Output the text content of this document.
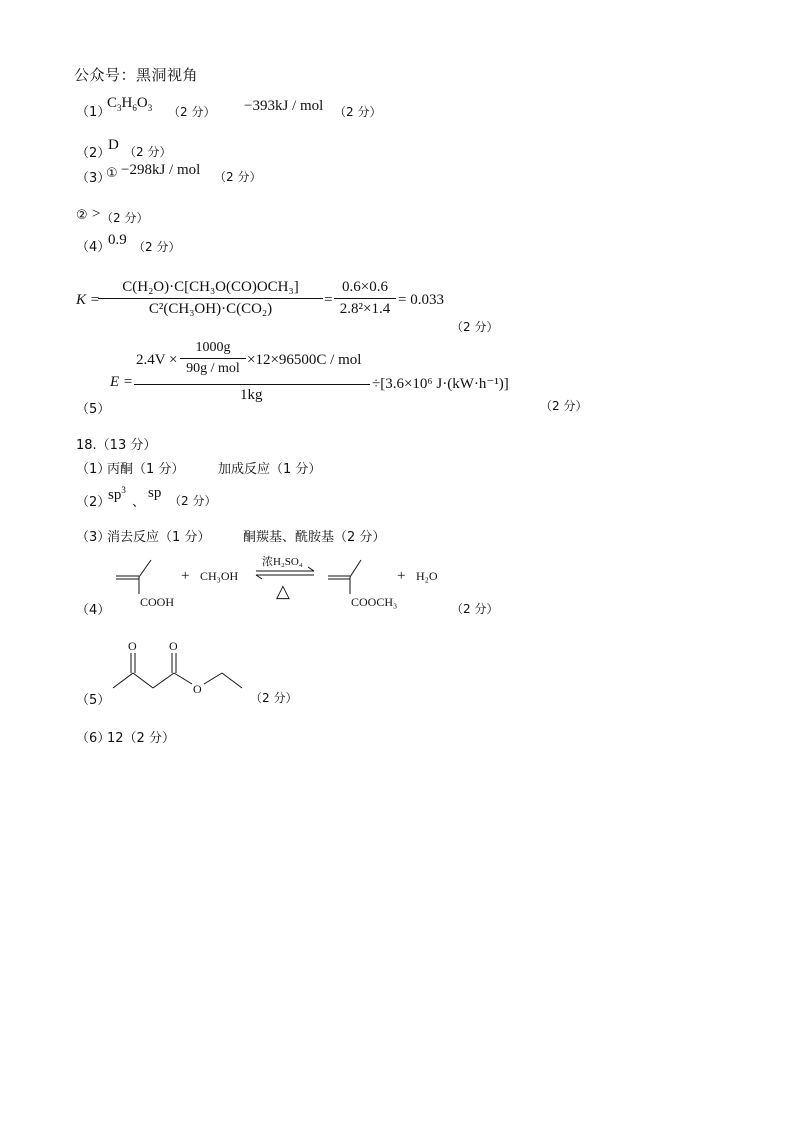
公众号：黑洞视角
（1）
$C_3H_6O_3$ （2 分） −393kJ / mol （2 分）
（2）
D （2 分）
（3）
① −298kJ / mol （2 分）
② > （2 分）
（4）
0.9 （2 分）
K =
C(H₂O)·C[CH₃O(CO)OCH₃]
C²(CH₃OH)·C(CO₂)
= $\frac{0.6\times 0.6}{\text{2.8²×1.4}} = 0.033$
（2 分）
（5）
E =
2.4V ×
1000g
90g / mol
×12×96500C / mol
1kg
÷[3.6×10⁶ J·(kW·h⁻¹)]
（2 分）
18.（13 分）
（1）
丙酮（1 分）	加成反应（1 分）
（2）
$sp^3$
、
sp （2 分）
（3）
消去反应（1 分）	酮羰基、酰胺基（2 分）
（4）
COOH
+ CH₃OH
浓H₂SO₄
△
COOCH₃
+ H₂O
O	O
O
（2 分）
（5）	（2 分）
（6）
12（2 分）
